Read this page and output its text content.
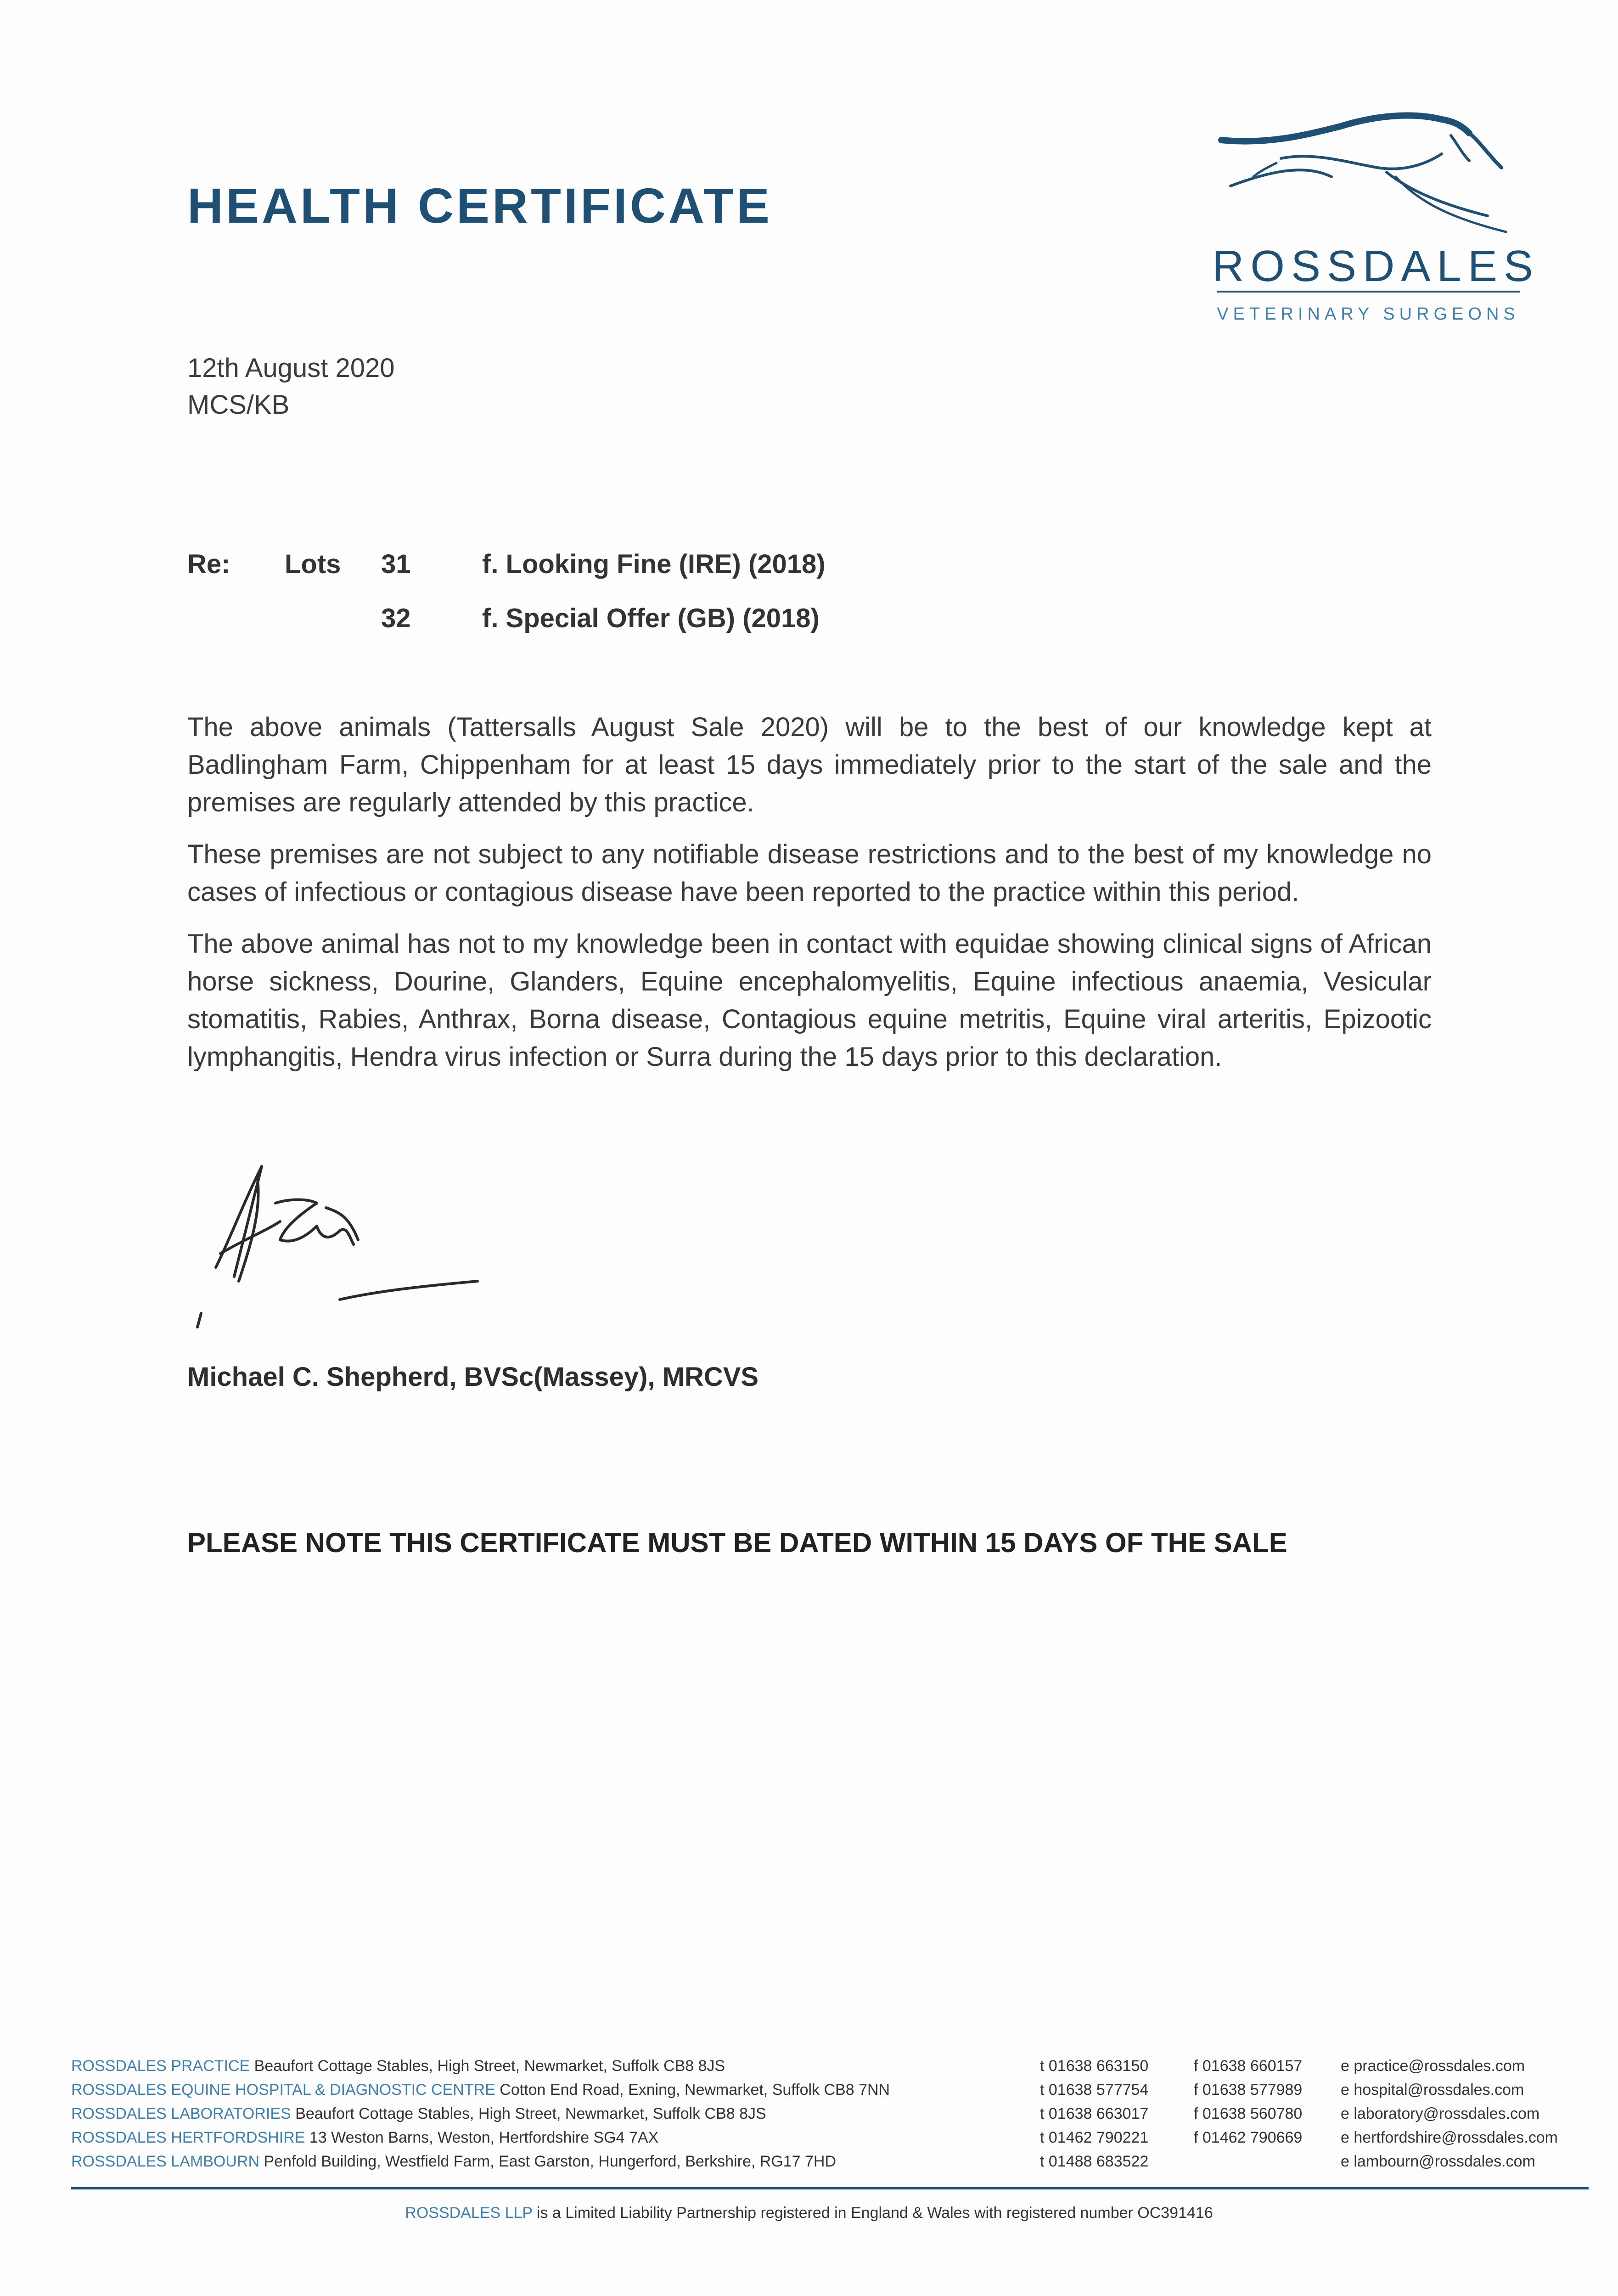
HEALTH CERTIFICATE
ROSSDALES
VETERINARY SURGEONS
12th August 2020
MCS/KB
Re: Lots 31	f. Looking Fine (IRE) (2018)
32	f. Special Offer (GB) (2018)
The above animals (Tattersalls August Sale 2020) will be to the best of our knowledge kept at Badlingham Farm, Chippenham for at least 15 days immediately prior to the start of the sale and the premises are regularly attended by this practice.
These premises are not subject to any notifiable disease restrictions and to the best of my knowledge no cases of infectious or contagious disease have been reported to the practice within this period.
The above animal has not to my knowledge been in contact with equidae showing clinical signs of African horse sickness, Dourine, Glanders, Equine encephalomyelitis, Equine infectious anaemia, Vesicular stomatitis, Rabies, Anthrax, Borna disease, Contagious equine metritis, Equine viral arteritis, Epizootic lymphangitis, Hendra virus infection or Surra during the 15 days prior to this declaration.
Michael C. Shepherd, BVSc(Massey), MRCVS
PLEASE NOTE THIS CERTIFICATE MUST BE DATED WITHIN 15 DAYS OF THE SALE
ROSSDALES PRACTICE Beaufort Cottage Stables, High Street, Newmarket, Suffolk CB8 8JS
ROSSDALES EQUINE HOSPITAL & DIAGNOSTIC CENTRE Cotton End Road, Exning, Newmarket, Suffolk CB8 7NN
ROSSDALES LABORATORIES Beaufort Cottage Stables, High Street, Newmarket, Suffolk CB8 8JS
ROSSDALES HERTFORDSHIRE 13 Weston Barns, Weston, Hertfordshire SG4 7AX
ROSSDALES LAMBOURN Penfold Building, Westfield Farm, East Garston, Hungerford, Berkshire, RG17 7HD
t 01638 663150
t 01638 577754
t 01638 663017
t 01462 790221
t 01488 683522
f 01638 660157
f 01638 577989
f 01638 560780
f 01462 790669
e practice@rossdales.com
e hospital@rossdales.com
e laboratory@rossdales.com
e hertfordshire@rossdales.com
e lambourn@rossdales.com
ROSSDALES LLP is a Limited Liability Partnership registered in England & Wales with registered number OC391416
